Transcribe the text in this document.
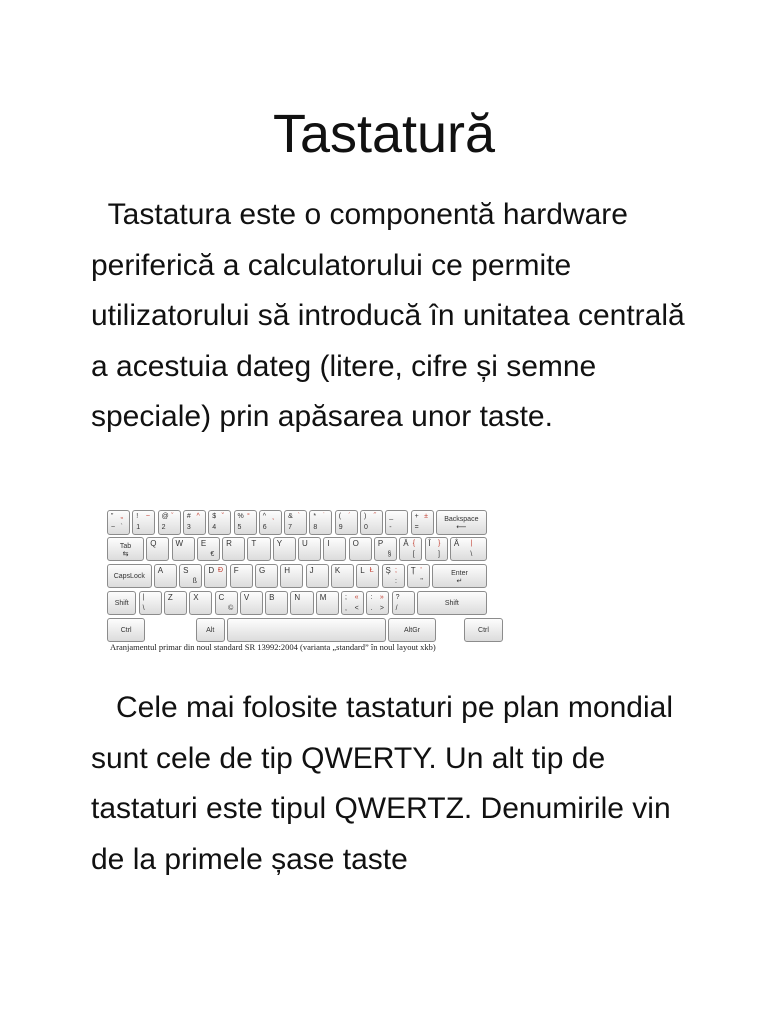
Tastatură
Tastatura este o componentă hardware periferică a calculatorului ce permite utilizatorului să introducă în unitatea centrală a acestuia dateg (litere, cifre și semne speciale) prin apăsarea unor taste.
” „
~ `
! ~
1
@ ˇ
2
# ^
3
$ ˘
4
% °
5
^ ˛
6
& `
7
* ˙
8
( ´
9
) ˝
0
_
-
+ ±
=
Backspace
⟵
Tab
⇆
Q W E
€
R T	Y U I	O P
§
Ă {
[
Î }
]
Â |
\
CapsLock
A S
ß
D Đ F	G H J	K L Ł Ș ;
:
Ț '
"
Enter
↵
Shift
|
\
Z	X C
©
V B N M	; «
, <
: »
. >
?
/
Shift
Ctrl	Alt	AltGr	Ctrl
Aranjamentul primar din noul standard SR 13992:2004 (varianta „standard” în noul layout xkb)
Cele mai folosite tastaturi pe plan mondial sunt cele de tip QWERTY. Un alt tip de tastaturi este tipul QWERTZ. Denumirile vin de la primele șase taste
